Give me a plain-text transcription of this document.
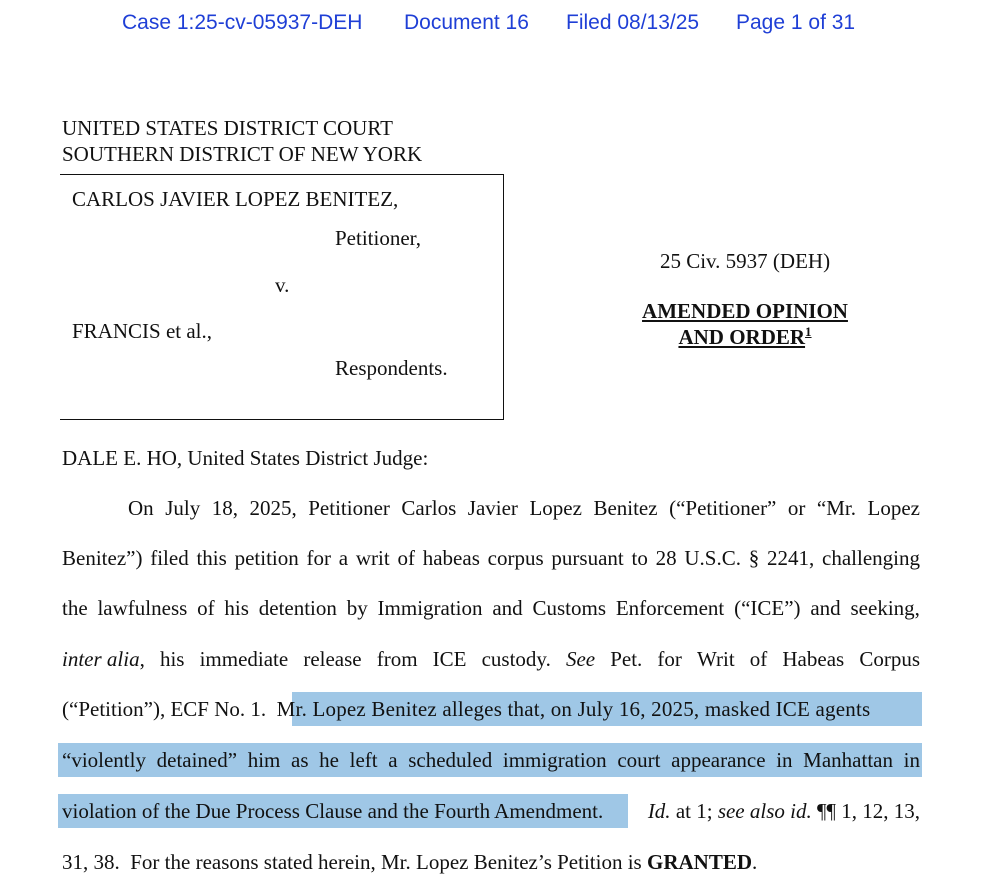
Case 1:25-cv-05937-DEH Document 16 Filed 08/13/25 Page 1 of 31
UNITED STATES DISTRICT COURT
SOUTHERN DISTRICT OF NEW YORK
CARLOS JAVIER LOPEZ BENITEZ,
Petitioner,
v.
FRANCIS et al.,
Respondents.
25 Civ. 5937 (DEH)
AMENDED OPINION
AND ORDER$^1$
DALE E. HO, United States District Judge:
On July 18, 2025, Petitioner Carlos Javier Lopez Benitez (“Petitioner” or “Mr. Lopez
Benitez”) filed this petition for a writ of habeas corpus pursuant to 28 U.S.C. § 2241, challenging
the lawfulness of his detention by Immigration and Customs Enforcement (“ICE”) and seeking,
inter alia, his immediate release from ICE custody. See Pet. for Writ of Habeas Corpus
(“Petition”), ECF No. 1. Mr. Lopez Benitez alleges that, on July 16, 2025, masked ICE agents
“violently detained” him as he left a scheduled immigration court appearance in Manhattan in
violation of the Due Process Clause and the Fourth Amendment. Id. at 1; see also id. ¶¶ 1, 12, 13,
31, 38.  For the reasons stated herein, Mr. Lopez Benitez’s Petition is GRANTED.
